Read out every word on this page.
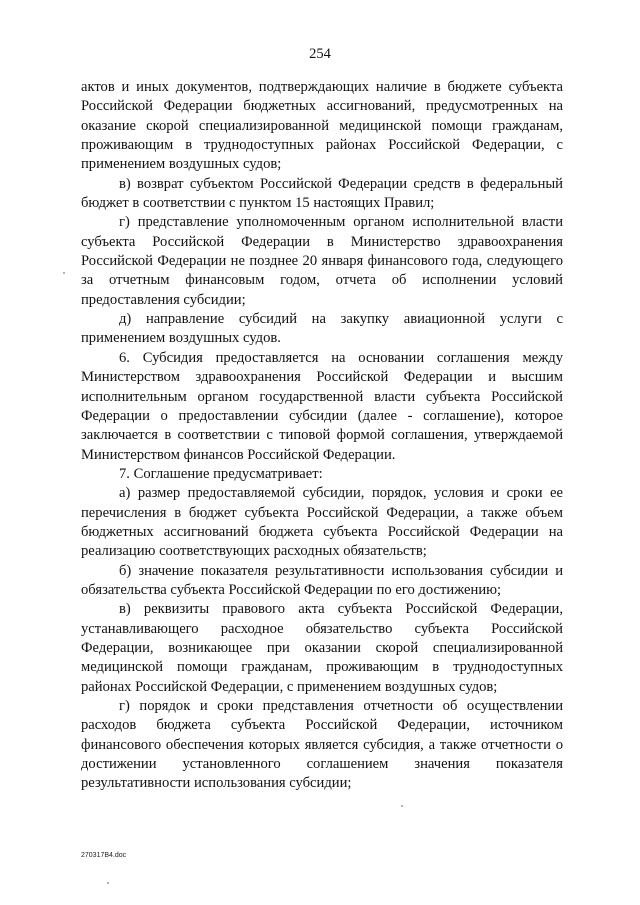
254

актов и иных документов, подтверждающих наличие в бюджете субъекта Российской Федерации бюджетных ассигнований, предусмотренных на оказание скорой специализированной медицинской помощи гражданам, проживающим в труднодоступных районах Российской Федерации, с применением воздушных судов;

в) возврат субъектом Российской Федерации средств в федеральный бюджет в соответствии с пунктом 15 настоящих Правил;

г) представление уполномоченным органом исполнительной власти субъекта Российской Федерации в Министерство здравоохранения Российской Федерации не позднее 20 января финансового года, следующего за отчетным финансовым годом, отчета об исполнении условий предоставления субсидии;

д) направление субсидий на закупку авиационной услуги с применением воздушных судов.

6. Субсидия предоставляется на основании соглашения между Министерством здравоохранения Российской Федерации и высшим исполнительным органом государственной власти субъекта Российской Федерации о предоставлении субсидии (далее - соглашение), которое заключается в соответствии с типовой формой соглашения, утверждаемой Министерством финансов Российской Федерации.

7. Соглашение предусматривает:

а) размер предоставляемой субсидии, порядок, условия и сроки ее перечисления в бюджет субъекта Российской Федерации, а также объем бюджетных ассигнований бюджета субъекта Российской Федерации на реализацию соответствующих расходных обязательств;

б) значение показателя результативности использования субсидии и обязательства субъекта Российской Федерации по его достижению;

в) реквизиты правового акта субъекта Российской Федерации, устанавливающего расходное обязательство субъекта Российской Федерации, возникающее при оказании скорой специализированной медицинской помощи гражданам, проживающим в труднодоступных районах Российской Федерации, с применением воздушных судов;

г) порядок и сроки представления отчетности об осуществлении расходов бюджета субъекта Российской Федерации, источником финансового обеспечения которых является субсидия, а также отчетности о достижении установленного соглашением значения показателя результативности использования субсидии;

270317B4.doc
